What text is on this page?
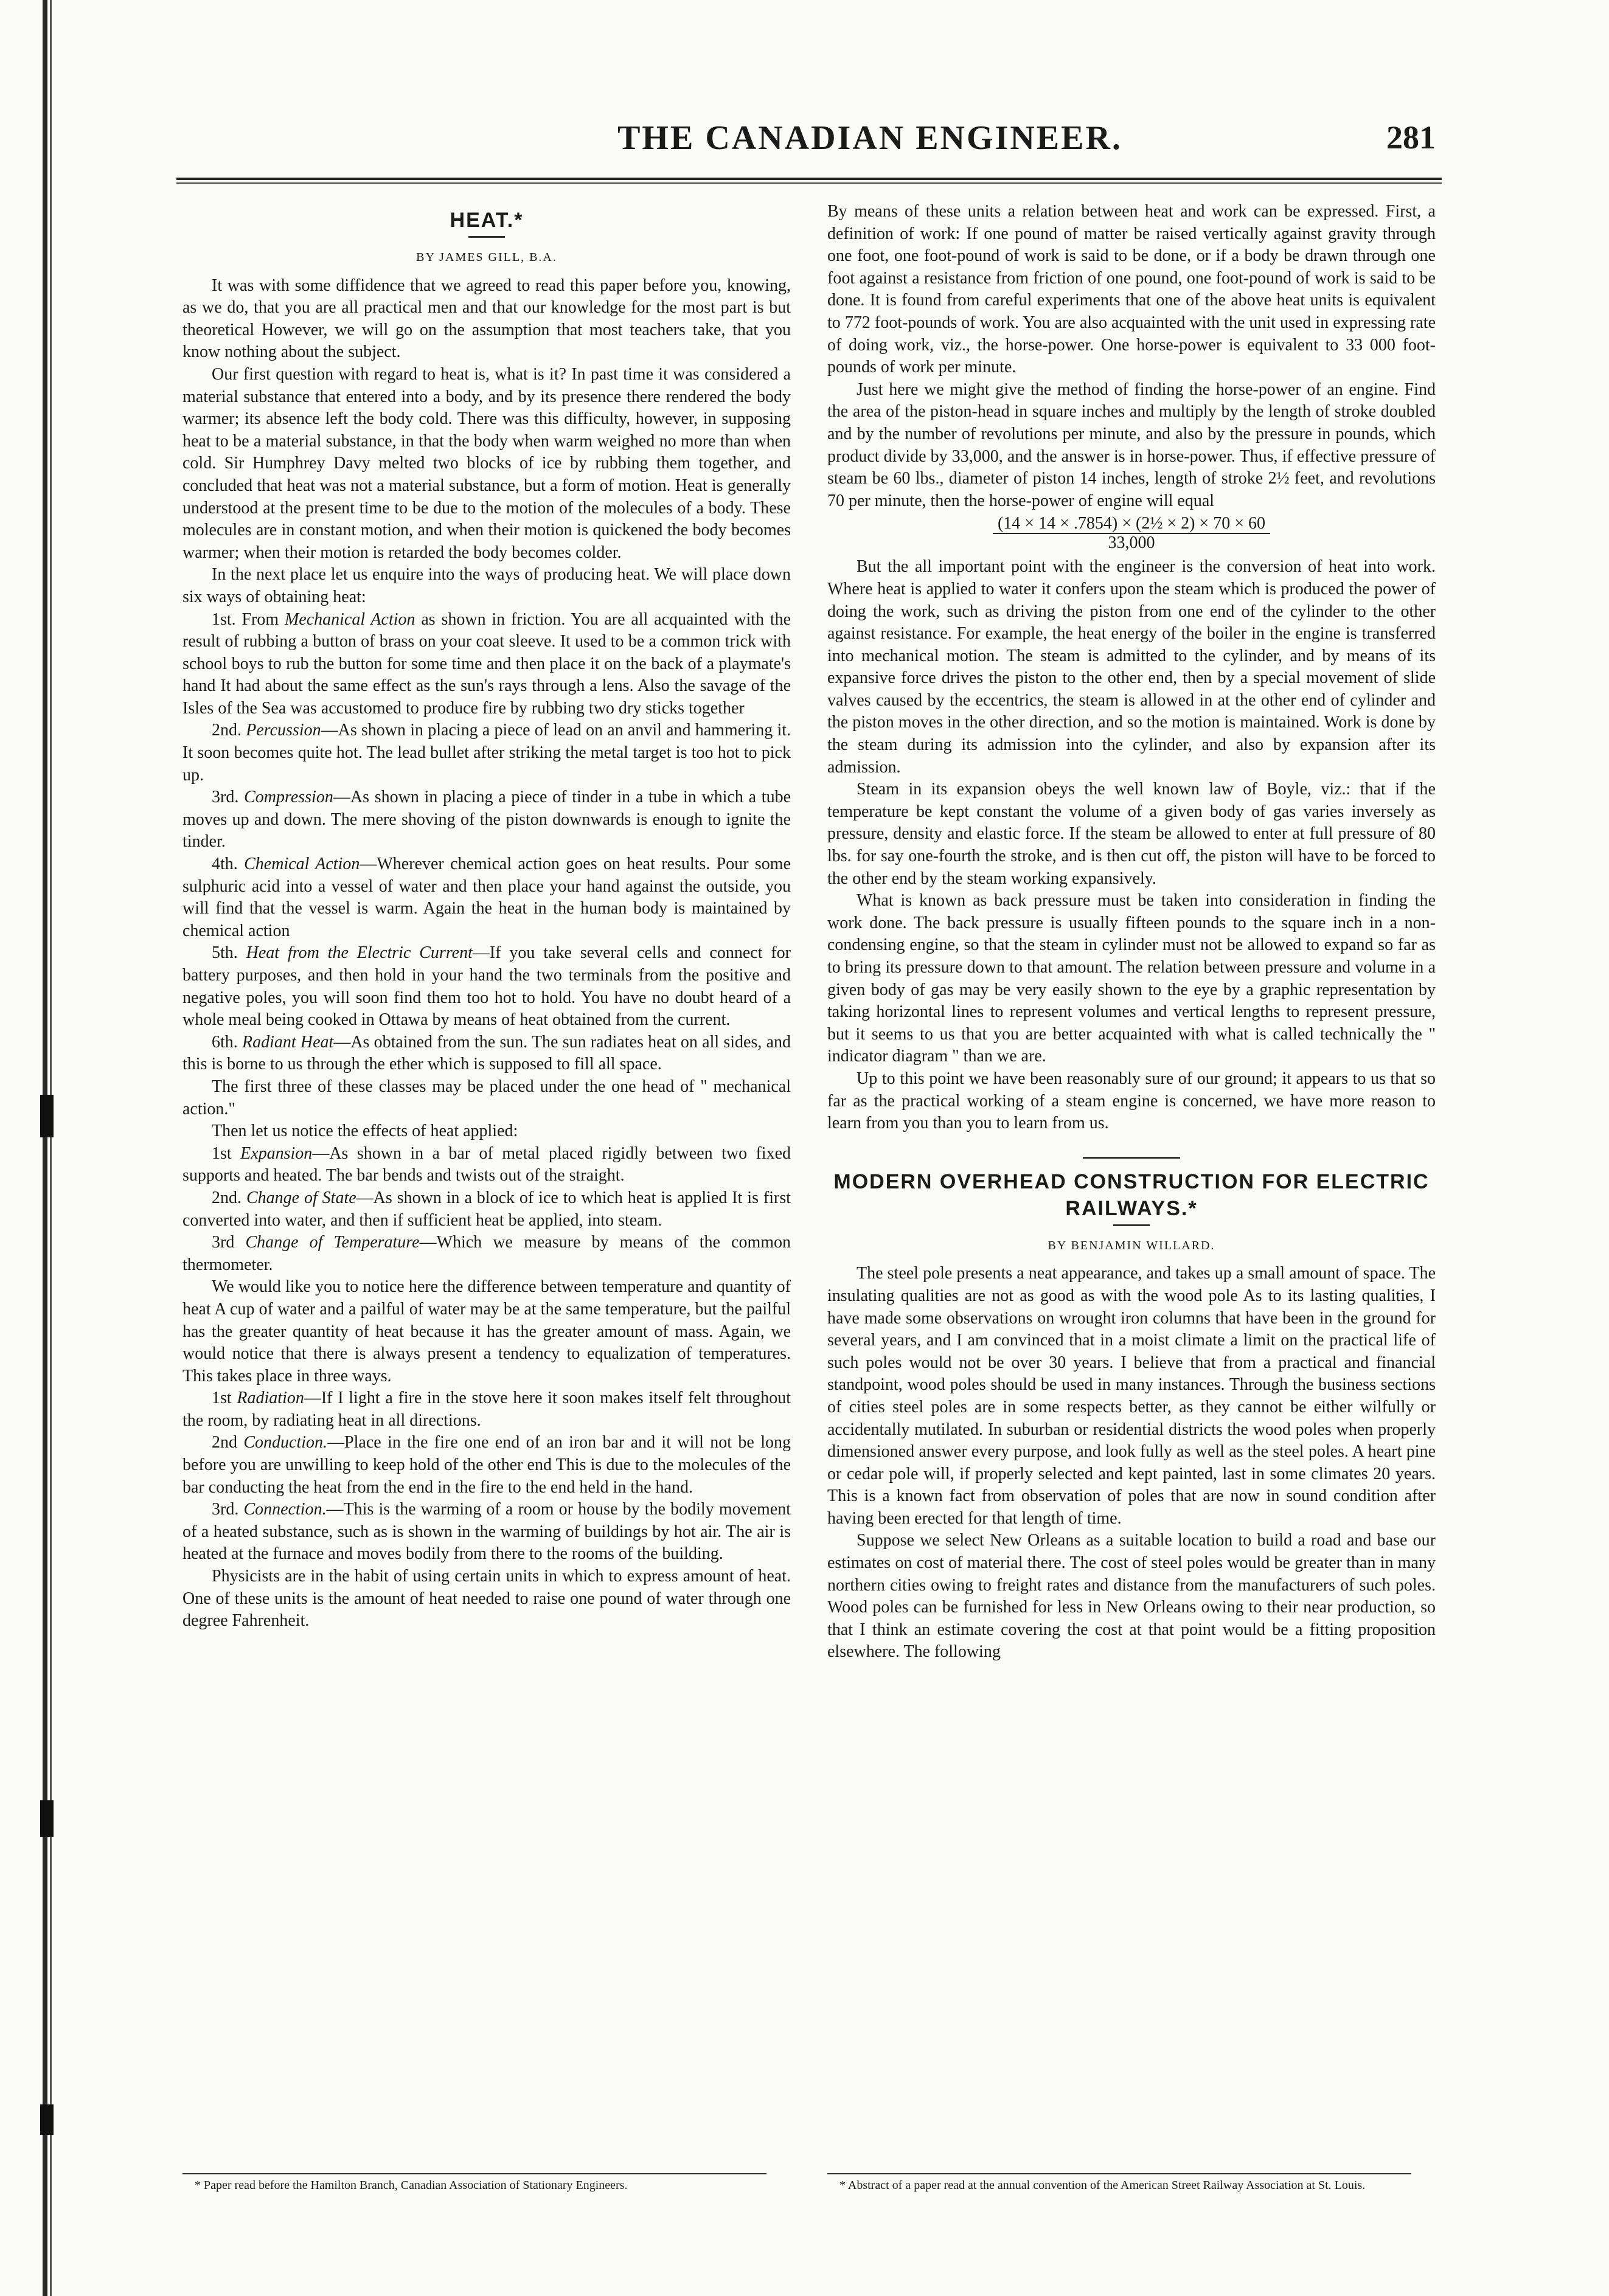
THE CANADIAN ENGINEER.	281
HEAT.*
BY JAMES GILL, B.A.

It was with some diffidence that we agreed to read this paper before you, knowing, as we do, that you are all practical men and that our knowledge for the most part is but theoretical However, we will go on the assumption that most teachers take, that you know nothing about the subject.

Our first question with regard to heat is, what is it? In past time it was considered a material substance that entered into a body, and by its presence there rendered the body warmer; its absence left the body cold. There was this difficulty, however, in supposing heat to be a material substance, in that the body when warm weighed no more than when cold. Sir Humphrey Davy melted two blocks of ice by rubbing them together, and concluded that heat was not a material substance, but a form of motion. Heat is generally understood at the present time to be due to the motion of the molecules of a body. These molecules are in constant motion, and when their motion is quickened the body becomes warmer; when their motion is retarded the body becomes colder.

In the next place let us enquire into the ways of producing heat. We will place down six ways of obtaining heat:

1st. From Mechanical Action as shown in friction. You are all acquainted with the result of rubbing a button of brass on your coat sleeve. It used to be a common trick with school boys to rub the button for some time and then place it on the back of a playmate's hand It had about the same effect as the sun's rays through a lens. Also the savage of the Isles of the Sea was accustomed to produce fire by rubbing two dry sticks together

2nd. Percussion—As shown in placing a piece of lead on an anvil and hammering it. It soon becomes quite hot. The lead bullet after striking the metal target is too hot to pick up.

3rd. Compression—As shown in placing a piece of tinder in a tube in which a tube moves up and down. The mere shoving of the piston downwards is enough to ignite the tinder.

4th. Chemical Action—Wherever chemical action goes on heat results. Pour some sulphuric acid into a vessel of water and then place your hand against the outside, you will find that the vessel is warm. Again the heat in the human body is maintained by chemical action

5th. Heat from the Electric Current—If you take several cells and connect for battery purposes, and then hold in your hand the two terminals from the positive and negative poles, you will soon find them too hot to hold. You have no doubt heard of a whole meal being cooked in Ottawa by means of heat obtained from the current.

6th. Radiant Heat—As obtained from the sun. The sun radiates heat on all sides, and this is borne to us through the ether which is supposed to fill all space.

The first three of these classes may be placed under the one head of " mechanical action."

Then let us notice the effects of heat applied:

1st Expansion—As shown in a bar of metal placed rigidly between two fixed supports and heated. The bar bends and twists out of the straight.

2nd. Change of State—As shown in a block of ice to which heat is applied It is first converted into water, and then if sufficient heat be applied, into steam.

3rd Change of Temperature—Which we measure by means of the common thermometer.

We would like you to notice here the difference between temperature and quantity of heat A cup of water and a pailful of water may be at the same temperature, but the pailful has the greater quantity of heat because it has the greater amount of mass. Again, we would notice that there is always present a tendency to equalization of temperatures. This takes place in three ways.

1st Radiation—If I light a fire in the stove here it soon makes itself felt throughout the room, by radiating heat in all directions.

2nd Conduction.—Place in the fire one end of an iron bar and it will not be long before you are unwilling to keep hold of the other end This is due to the molecules of the bar conducting the heat from the end in the fire to the end held in the hand.

3rd. Connection.—This is the warming of a room or house by the bodily movement of a heated substance, such as is shown in the warming of buildings by hot air. The air is heated at the furnace and moves bodily from there to the rooms of the building.

Physicists are in the habit of using certain units in which to express amount of heat. One of these units is the amount of heat needed to raise one pound of water through one degree Fahrenheit.

* Paper read before the Hamilton Branch, Canadian Association of Stationary Engineers.

By means of these units a relation between heat and work can be expressed. First, a definition of work: If one pound of matter be raised vertically against gravity through one foot, one foot-pound of work is said to be done, or if a body be drawn through one foot against a resistance from friction of one pound, one foot-pound of work is said to be done. It is found from careful experiments that one of the above heat units is equivalent to 772 foot-pounds of work. You are also acquainted with the unit used in expressing rate of doing work, viz., the horse-power. One horse-power is equivalent to 33 000 foot-pounds of work per minute.

Just here we might give the method of finding the horse-power of an engine. Find the area of the piston-head in square inches and multiply by the length of stroke doubled and by the number of revolutions per minute, and also by the pressure in pounds, which product divide by 33,000, and the answer is in horse-power. Thus, if effective pressure of steam be 60 lbs., diameter of piston 14 inches, length of stroke 2½ feet, and revolutions 70 per minute, then the horse-power of engine will equal

(14 × 14 × .7854) × (2½ × 2) × 70 × 60
33,000

But the all important point with the engineer is the conversion of heat into work. Where heat is applied to water it confers upon the steam which is produced the power of doing the work, such as driving the piston from one end of the cylinder to the other against resistance. For example, the heat energy of the boiler in the engine is transferred into mechanical motion. The steam is admitted to the cylinder, and by means of its expansive force drives the piston to the other end, then by a special movement of slide valves caused by the eccentrics, the steam is allowed in at the other end of cylinder and the piston moves in the other direction, and so the motion is maintained. Work is done by the steam during its admission into the cylinder, and also by expansion after its admission.

Steam in its expansion obeys the well known law of Boyle, viz.: that if the temperature be kept constant the volume of a given body of gas varies inversely as pressure, density and elastic force. If the steam be allowed to enter at full pressure of 80 lbs. for say one-fourth the stroke, and is then cut off, the piston will have to be forced to the other end by the steam working expansively.

What is known as back pressure must be taken into consideration in finding the work done. The back pressure is usually fifteen pounds to the square inch in a non-condensing engine, so that the steam in cylinder must not be allowed to expand so far as to bring its pressure down to that amount. The relation between pressure and volume in a given body of gas may be very easily shown to the eye by a graphic representation by taking horizontal lines to represent volumes and vertical lengths to represent pressure, but it seems to us that you are better acquainted with what is called technically the " indicator diagram " than we are.

Up to this point we have been reasonably sure of our ground; it appears to us that so far as the practical working of a steam engine is concerned, we have more reason to learn from you than you to learn from us.

MODERN OVERHEAD CONSTRUCTION FOR ELECTRIC RAILWAYS.*
BY BENJAMIN WILLARD.

The steel pole presents a neat appearance, and takes up a small amount of space. The insulating qualities are not as good as with the wood pole As to its lasting qualities, I have made some observations on wrought iron columns that have been in the ground for several years, and I am convinced that in a moist climate a limit on the practical life of such poles would not be over 30 years. I believe that from a practical and financial standpoint, wood poles should be used in many instances. Through the business sections of cities steel poles are in some respects better, as they cannot be either wilfully or accidentally mutilated. In suburban or residential districts the wood poles when properly dimensioned answer every purpose, and look fully as well as the steel poles. A heart pine or cedar pole will, if properly selected and kept painted, last in some climates 20 years. This is a known fact from observation of poles that are now in sound condition after having been erected for that length of time.

Suppose we select New Orleans as a suitable location to build a road and base our estimates on cost of material there. The cost of steel poles would be greater than in many northern cities owing to freight rates and distance from the manufacturers of such poles. Wood poles can be furnished for less in New Orleans owing to their near production, so that I think an estimate covering the cost at that point would be a fitting proposition elsewhere. The following

* Abstract of a paper read at the annual convention of the American Street Railway Association at St. Louis.
